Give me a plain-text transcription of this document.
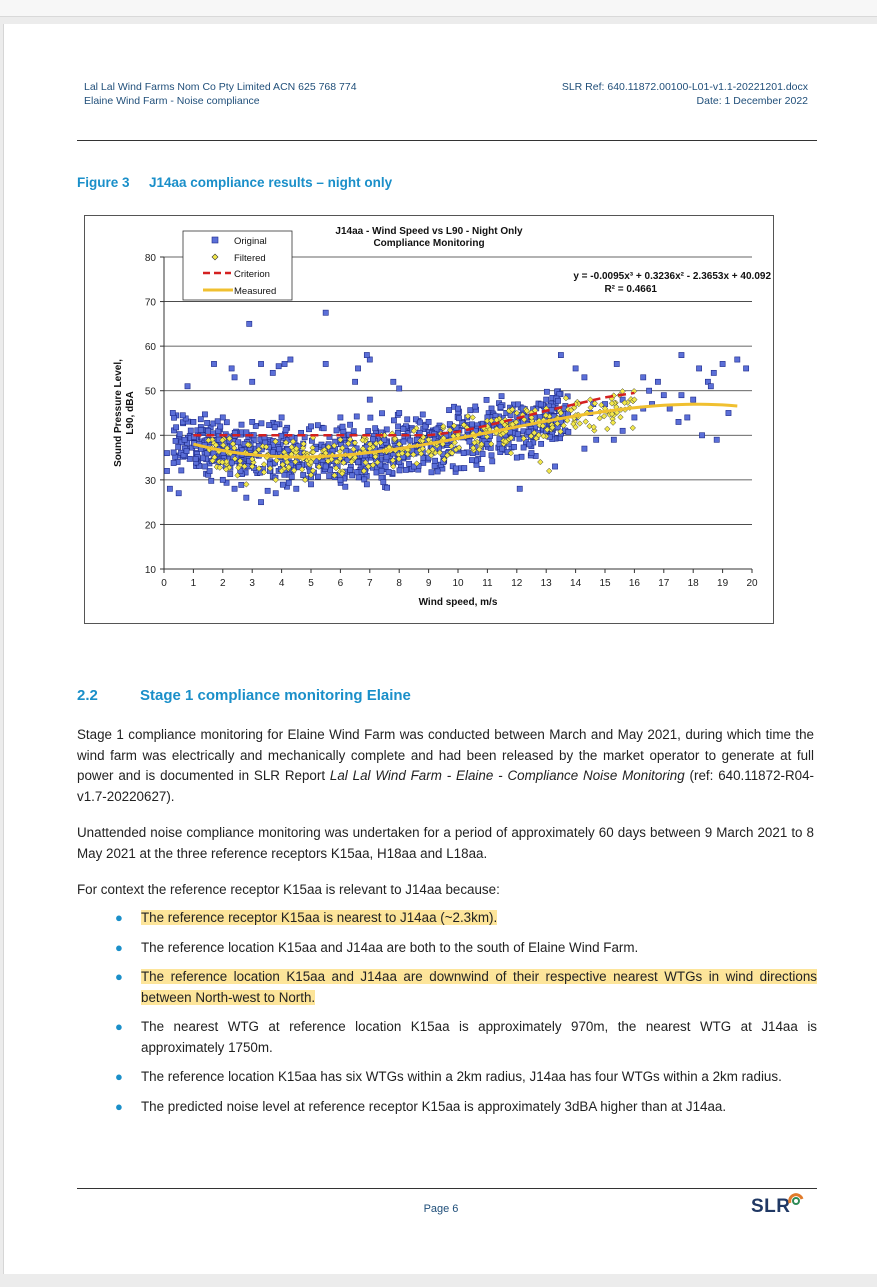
Lal Lal Wind Farms Nom Co Pty Limited ACN 625 768 774
Elaine Wind Farm - Noise compliance
SLR Ref: 640.11872.00100-L01-v1.1-20221201.docx
Date: 1 December 2022
Figure 3 J14aa compliance results – night only
10
20
30
40
50
60
70
80
0 1 2 3 4 5 6 7 8 9 10 11 12 13 14 15 16 17 18 19 20
J14aa - Wind Speed vs L90 - Night Only
Compliance Monitoring
Wind speed, m/s
Sound Pressure Level, L90, dBA
y = -0.0095x³ + 0.3236x² - 2.3653x + 40.092
R² = 0.4661
Original
Filtered
Criterion
Measured
2.2	Stage 1 compliance monitoring Elaine
Stage 1 compliance monitoring for Elaine Wind Farm was conducted between March and May 2021, during which time the wind farm was electrically and mechanically complete and had been released by the market operator to generate at full power and is documented in SLR Report Lal Lal Wind Farm - Elaine - Compliance Noise Monitoring (ref: 640.11872-R04-v1.7-20220627).
Unattended noise compliance monitoring was undertaken for a period of approximately 60 days between 9 March 2021 to 8 May 2021 at the three reference receptors K15aa, H18aa and L18aa.
For context the reference receptor K15aa is relevant to J14aa because:
● The reference receptor K15aa is nearest to J14aa (~2.3km).
● The reference location K15aa and J14aa are both to the south of Elaine Wind Farm.
● The reference location K15aa and J14aa are downwind of their respective nearest WTGs in wind directions between North-west to North.
● The nearest WTG at reference location K15aa is approximately 970m, the nearest WTG at J14aa is approximately 1750m.
● The reference location K15aa has six WTGs within a 2km radius, J14aa has four WTGs within a 2km radius.
● The predicted noise level at reference receptor K15aa is approximately 3dBA higher than at J14aa.
Page 6	SLR
